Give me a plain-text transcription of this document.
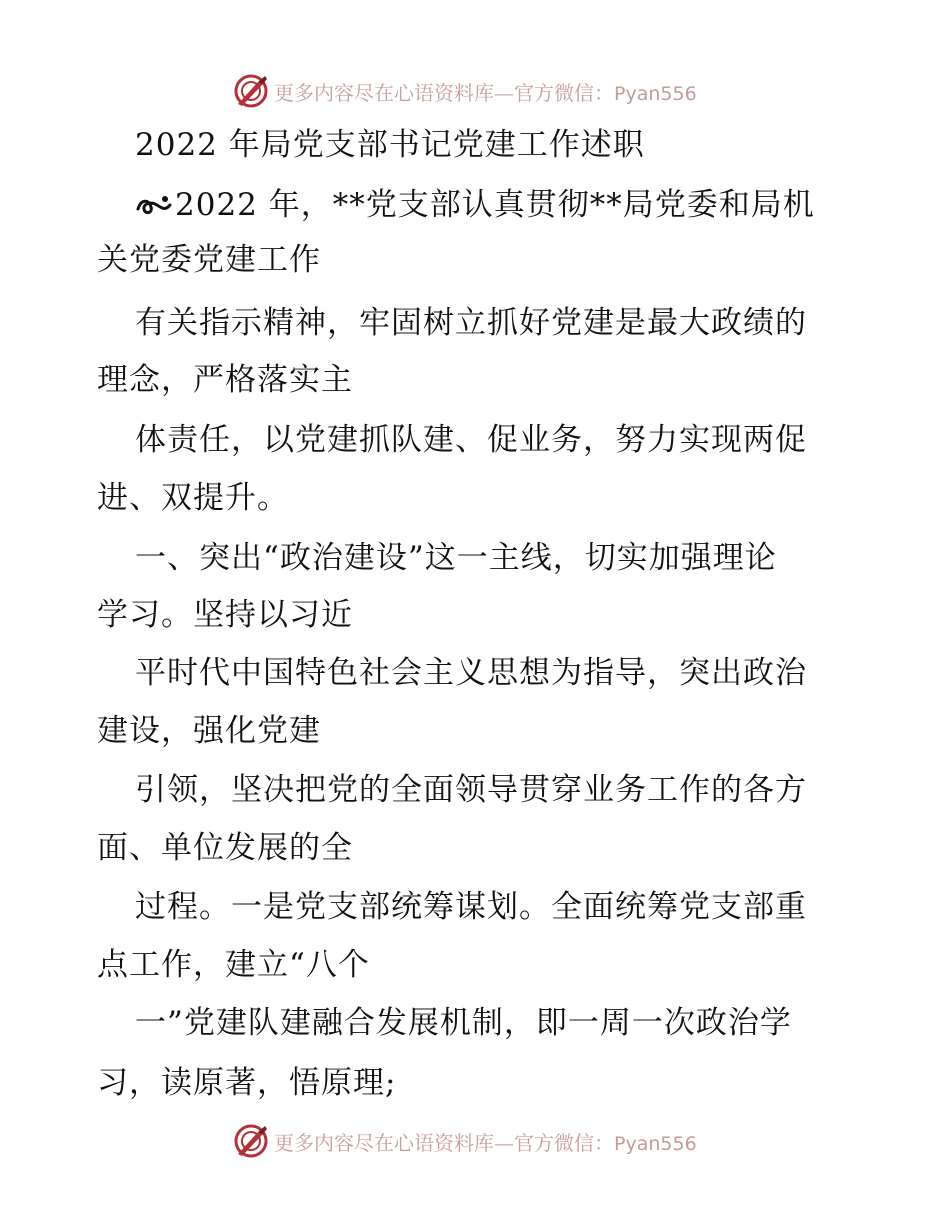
更多内容尽在心语资料库—官方微信：Pyan556
2022 年局党支部书记党建工作述职
2022 年，**党支部认真贯彻**局党委和局机
关党委党建工作
有关指示精神，牢固树立抓好党建是最大政绩的
理念，严格落实主
体责任，以党建抓队建、促业务，努力实现两促
进、双提升。
一、突出“政治建设”这一主线，切实加强理论
学习。坚持以习近
平时代中国特色社会主义思想为指导，突出政治
建设，强化党建
引领，坚决把党的全面领导贯穿业务工作的各方
面、单位发展的全
过程。一是党支部统筹谋划。全面统筹党支部重
点工作，建立“八个
一”党建队建融合发展机制，即一周一次政治学
习，读原著，悟原理;
更多内容尽在心语资料库—官方微信：Pyan556
